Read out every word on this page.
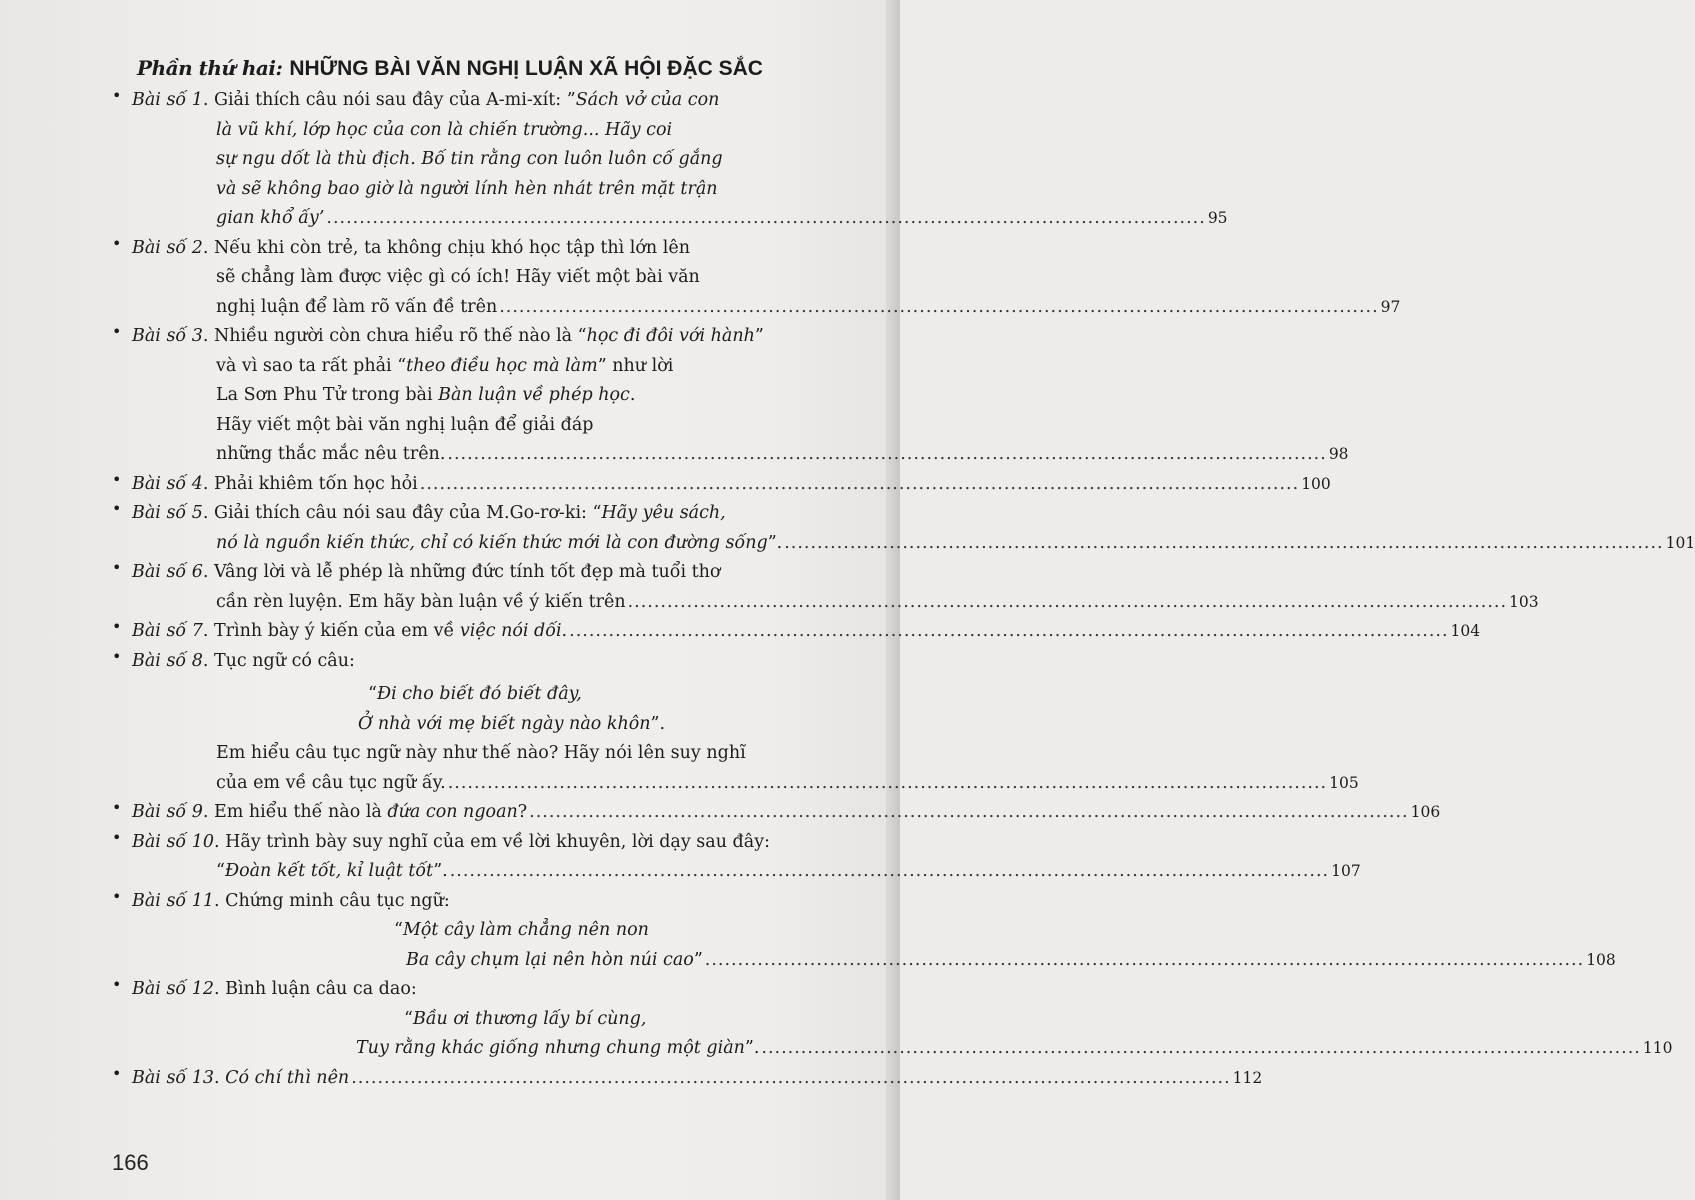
Phần thứ hai: NHỮNG BÀI VĂN NGHỊ LUẬN XÃ HỘI ĐẶC SẮC
• Bài số 1. Giải thích câu nói sau đây của A-mi-xít: ”Sách vở của con
là vũ khí, lớp học của con là chiến trường... Hãy coi
sự ngu dốt là thù địch. Bố tin rằng con luôn luôn cố gắng
và sẽ không bao giờ là người lính hèn nhát trên mặt trận
gian khổ ấy’ ...................................................................................................................................... 95
• Bài số 2. Nếu khi còn trẻ, ta không chịu khó học tập thì lớn lên
sẽ chẳng làm được việc gì có ích! Hãy viết một bài văn
nghị luận để làm rõ vấn đề trên ...................................................................................................................................... 97
• Bài số 3. Nhiều người còn chưa hiểu rõ thế nào là “học đi đôi với hành”
và vì sao ta rất phải “theo điều học mà làm” như lời
La Sơn Phu Tử trong bài Bàn luận về phép học.
Hãy viết một bài văn nghị luận để giải đáp
những thắc mắc nêu trên. ...................................................................................................................................... 98
• Bài số 4. Phải khiêm tốn học hỏi ...................................................................................................................................... 100
• Bài số 5. Giải thích câu nói sau đây của M.Go-rơ-ki: “Hãy yêu sách,
nó là nguồn kiến thức, chỉ có kiến thức mới là con đường sống”. ...................................................................................................................................... 101
• Bài số 6. Vâng lời và lễ phép là những đức tính tốt đẹp mà tuổi thơ
cần rèn luyện. Em hãy bàn luận về ý kiến trên ...................................................................................................................................... 103
• Bài số 7. Trình bày ý kiến của em về việc nói dối. ...................................................................................................................................... 104
• Bài số 8. Tục ngữ có câu:
“Đi cho biết đó biết đây,
Ở nhà với mẹ biết ngày nào khôn”.
Em hiểu câu tục ngữ này như thế nào? Hãy nói lên suy nghĩ
của em về câu tục ngữ ấy. ...................................................................................................................................... 105
• Bài số 9. Em hiểu thế nào là đứa con ngoan? ...................................................................................................................................... 106
• Bài số 10. Hãy trình bày suy nghĩ của em về lời khuyên, lời dạy sau đây:
“Đoàn kết tốt, kỉ luật tốt”. ...................................................................................................................................... 107
• Bài số 11. Chứng minh câu tục ngữ:
“Một cây làm chẳng nên non
Ba cây chụm lại nên hòn núi cao” ...................................................................................................................................... 108
• Bài số 12. Bình luận câu ca dao:
“Bầu ơi thương lấy bí cùng,
Tuy rằng khác giống nhưng chung một giàn”. ...................................................................................................................................... 110
• Bài số 13. Có chí thì nên ...................................................................................................................................... 112
166
